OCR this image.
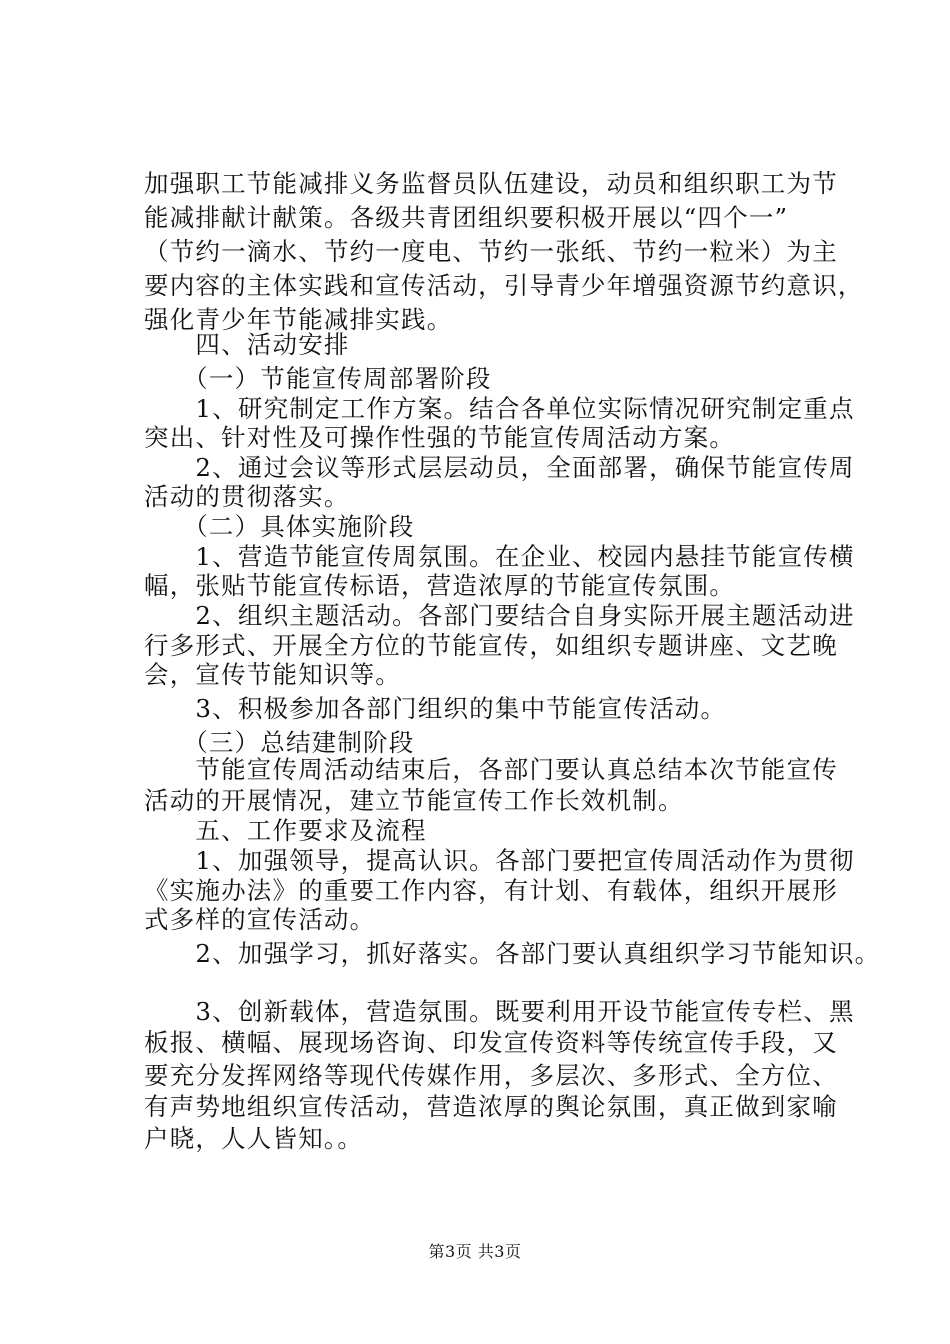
加强职工节能减排义务监督员队伍建设，动员和组织职工为节
能减排献计献策。各级共青团组织要积极开展以“四个一”
（节约一滴水、节约一度电、节约一张纸、节约一粒米）为主
要内容的主体实践和宣传活动，引导青少年增强资源节约意识，
强化青少年节能减排实践。
　　四、活动安排
　　（一）节能宣传周部署阶段
　　1、研究制定工作方案。结合各单位实际情况研究制定重点
突出、针对性及可操作性强的节能宣传周活动方案。
　　2、通过会议等形式层层动员，全面部署，确保节能宣传周
活动的贯彻落实。
　　（二）具体实施阶段
　　1、营造节能宣传周氛围。在企业、校园内悬挂节能宣传横
幅，张贴节能宣传标语，营造浓厚的节能宣传氛围。
　　2、组织主题活动。各部门要结合自身实际开展主题活动进
行多形式、开展全方位的节能宣传，如组织专题讲座、文艺晚
会，宣传节能知识等。
　　3、积极参加各部门组织的集中节能宣传活动。
　　（三）总结建制阶段
　　节能宣传周活动结束后，各部门要认真总结本次节能宣传
活动的开展情况，建立节能宣传工作长效机制。
　　五、工作要求及流程
　　1、加强领导，提高认识。各部门要把宣传周活动作为贯彻
《实施办法》的重要工作内容，有计划、有载体，组织开展形
式多样的宣传活动。
　　2、加强学习，抓好落实。各部门要认真组织学习节能知识。
　　3、创新载体，营造氛围。既要利用开设节能宣传专栏、黑
板报、横幅、展现场咨询、印发宣传资料等传统宣传手段，又
要充分发挥网络等现代传媒作用，多层次、多形式、全方位、
有声势地组织宣传活动，营造浓厚的舆论氛围，真正做到家喻
户晓，人人皆知。。
第3页 共3页
